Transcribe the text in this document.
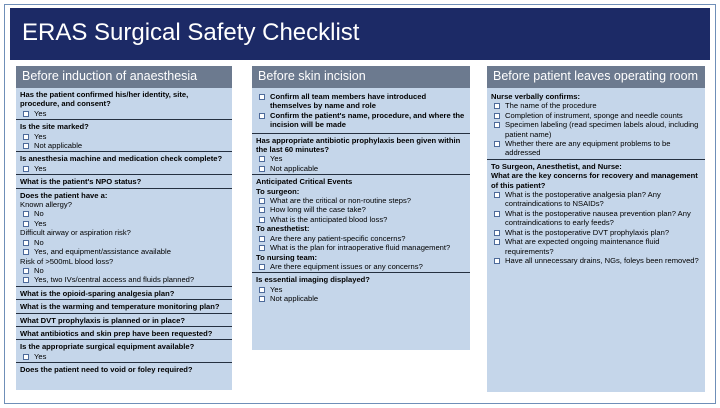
ERAS Surgical Safety Checklist
Before induction of anaesthesia
Has the patient confirmed his/her identity, site, procedure, and consent?
Yes
Is the site marked?
Yes
Not applicable
Is anesthesia machine and medication check complete?
Yes
What is the patient's NPO status?
Does the patient have a:
Known allergy?
No
Yes
Difficult airway or aspiration risk?
No
Yes, and equipment/assistance available
Risk of >500mL blood loss?
No
Yes, two IVs/central access and fluids planned?
What is the opioid-sparing analgesia plan?
What is the warming and temperature monitoring plan?
What DVT prophylaxis is planned or in place?
What antibiotics and skin prep have been requested?
Is the appropriate surgical equipment available?
Yes
Does the patient need to void or foley required?
Before skin incision
Confirm all team members have introduced themselves by name and role
Confirm the patient's name, procedure, and where the incision will be made
Has appropriate antibiotic prophylaxis been given within the last 60 minutes?
Yes
Not applicable
Anticipated Critical Events
To surgeon:
What are the critical or non-routine steps?
How long will the case take?
What is the anticipated blood loss?
To anesthetist:
Are there any patient-specific concerns?
What is the plan for intraoperative fluid management?
To nursing team:
Are there equipment issues or any concerns?
Is essential imaging displayed?
Yes
Not applicable
Before patient leaves operating room
Nurse verbally confirms:
The name of the procedure
Completion of instrument, sponge and needle counts
Specimen labeling (read specimen labels aloud, including patient name)
Whether there are any equipment problems to be addressed
To Surgeon, Anesthetist, and Nurse:
What are the key concerns for recovery and management of this patient?
What is the postoperative analgesia plan? Any contraindications to NSAIDs?
What is the postoperative nausea prevention plan? Any contraindications to early feeds?
What is the postoperative DVT prophylaxis plan?
What are expected ongoing maintenance fluid requirements?
Have all unnecessary drains, NGs, foleys been removed?
